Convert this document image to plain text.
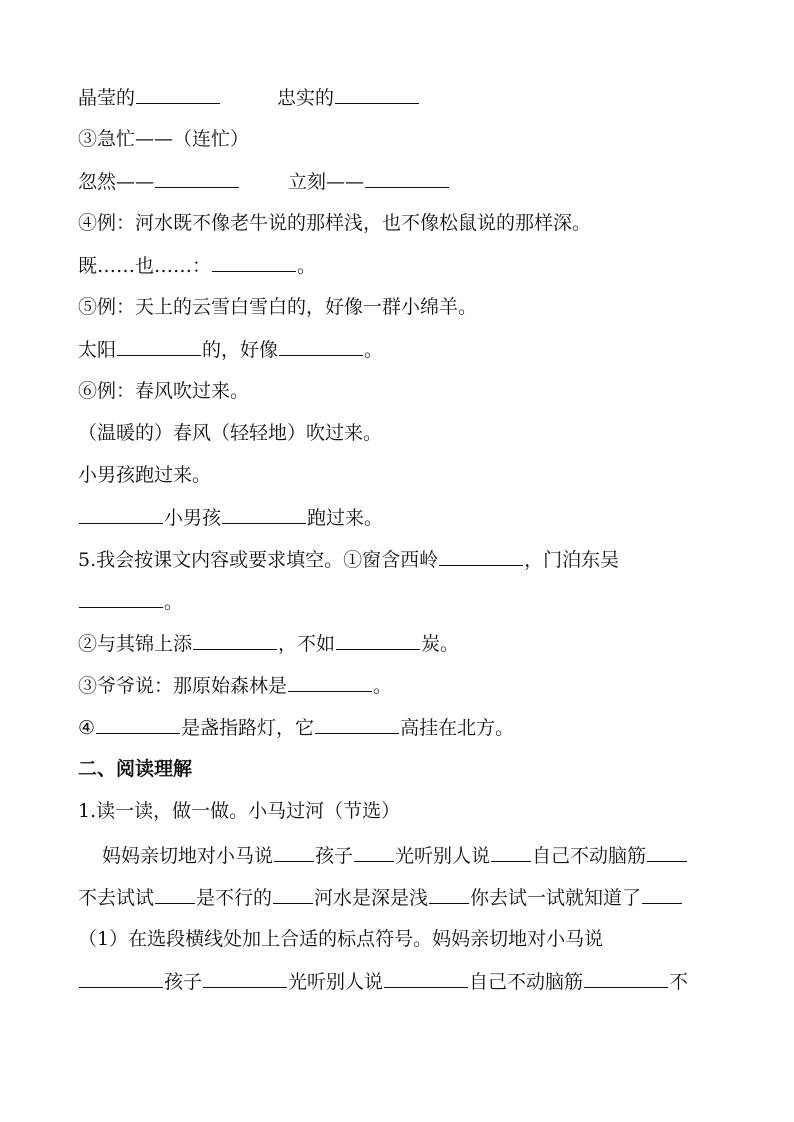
晶莹的	忠实的
③急忙——（连忙）
忽然——	立刻——
④例：河水既不像老牛说的那样浅，也不像松鼠说的那样深。
既……也……：	。
⑤例：天上的云雪白雪白的，好像一群小绵羊。
太阳	的，好像	。
⑥例：春风吹过来。
（温暖的）春风（轻轻地）吹过来。
小男孩跑过来。
小男孩	跑过来。
5.我会按课文内容或要求填空。①窗含西岭	，门泊东吴
。
②与其锦上添	，不如	炭。
③爷爷说：那原始森林是	。
④	是盏指路灯，它	高挂在北方。
二、阅读理解
1.读一读，做一做。小马过河（节选）
妈妈亲切地对小马说 孩子 光听别人说 自己不动脑筋
不去试试 是不行的 河水是深是浅 你去试一试就知道了
（1）在选段横线处加上合适的标点符号。妈妈亲切地对小马说
孩子	光听别人说	自己不动脑筋	不
